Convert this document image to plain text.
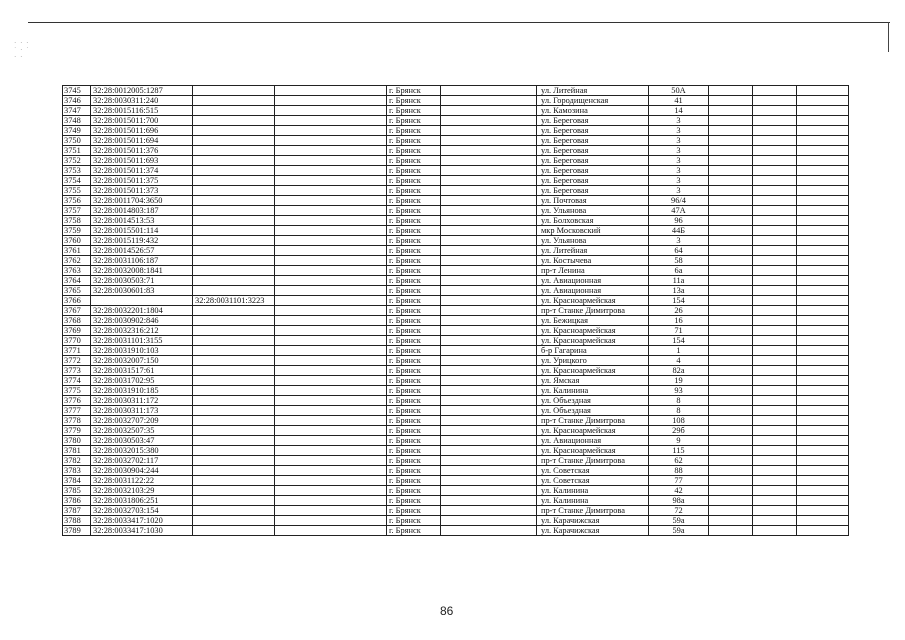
· · ·
˙ · ˙
· ·
3745	32:28:0012005:1287			г. Брянск		ул. Литейная	50А			
3746	32:28:0030311:240			г. Брянск		ул. Городищенская	41			
3747	32:28:0015116:515			г. Брянск		ул. Камозина	14			
3748	32:28:0015011:700			г. Брянск		ул. Береговая	3			
3749	32:28:0015011:696			г. Брянск		ул. Береговая	3			
3750	32:28:0015011:694			г. Брянск		ул. Береговая	3			
3751	32:28:0015011:376			г. Брянск		ул. Береговая	3			
3752	32:28:0015011:693			г. Брянск		ул. Береговая	3			
3753	32:28:0015011:374			г. Брянск		ул. Береговая	3			
3754	32:28:0015011:375			г. Брянск		ул. Береговая	3			
3755	32:28:0015011:373			г. Брянск		ул. Береговая	3			
3756	32:28:0011704:3650			г. Брянск		ул. Почтовая	96/4			
3757	32:28:0014803:187			г. Брянск		ул. Ульянова	47А			
3758	32:28:0014513:53			г. Брянск		ул. Болховская	96			
3759	32:28:0015501:114			г. Брянск		мкр Московский	44Б			
3760	32:28:0015119:432			г. Брянск		ул. Ульянова	3			
3761	32:28:0014526:57			г. Брянск		ул. Литейная	64			
3762	32:28:0031106:187			г. Брянск		ул. Костычева	58			
3763	32:28:0032008:1841			г. Брянск		пр-т Ленина	6а			
3764	32:28:0030503:71			г. Брянск		ул. Авиационная	11а			
3765	32:28:0030601:83			г. Брянск		ул. Авиационная	13а			
3766		32:28:0031101:3223		г. Брянск		ул. Красноармейская	154			
3767	32:28:0032201:1804			г. Брянск		пр-т Станке Димитрова	26			
3768	32:28:0030902:846			г. Брянск		ул. Бежицкая	16			
3769	32:28:0032316:212			г. Брянск		ул. Красноармейская	71			
3770	32:28:0031101:3155			г. Брянск		ул. Красноармейская	154			
3771	32:28:0031910:103			г. Брянск		б-р Гагарина	1			
3772	32:28:0032007:150			г. Брянск		ул. Урицкого	4			
3773	32:28:0031517:61			г. Брянск		ул. Красноармейская	82а			
3774	32:28:0031702:95			г. Брянск		ул. Ямская	19			
3775	32:28:0031910:185			г. Брянск		ул. Калинина	93			
3776	32:28:0030311:172			г. Брянск		ул. Объездная	8			
3777	32:28:0030311:173			г. Брянск		ул. Объездная	8			
3778	32:28:0032707:209			г. Брянск		пр-т Станке Димитрова	108			
3779	32:28:0032507:35			г. Брянск		ул. Красноармейская	29б			
3780	32:28:0030503:47			г. Брянск		ул. Авиационная	9			
3781	32:28:0032015:380			г. Брянск		ул. Красноармейская	115			
3782	32:28:0032702:117			г. Брянск		пр-т Станке Димитрова	62			
3783	32:28:0030904:244			г. Брянск		ул. Советская	88			
3784	32:28:0031122:22			г. Брянск		ул. Советская	77			
3785	32:28:0032103:29			г. Брянск		ул. Калинина	42			
3786	32:28:0031806:251			г. Брянск		ул. Калинина	98а			
3787	32:28:0032703:154			г. Брянск		пр-т Станке Димитрова	72			
3788	32:28:0033417:1020			г. Брянск		ул. Карачижская	59а			
3789	32:28:0033417:1030			г. Брянск		ул. Карачижская	59а			
86
